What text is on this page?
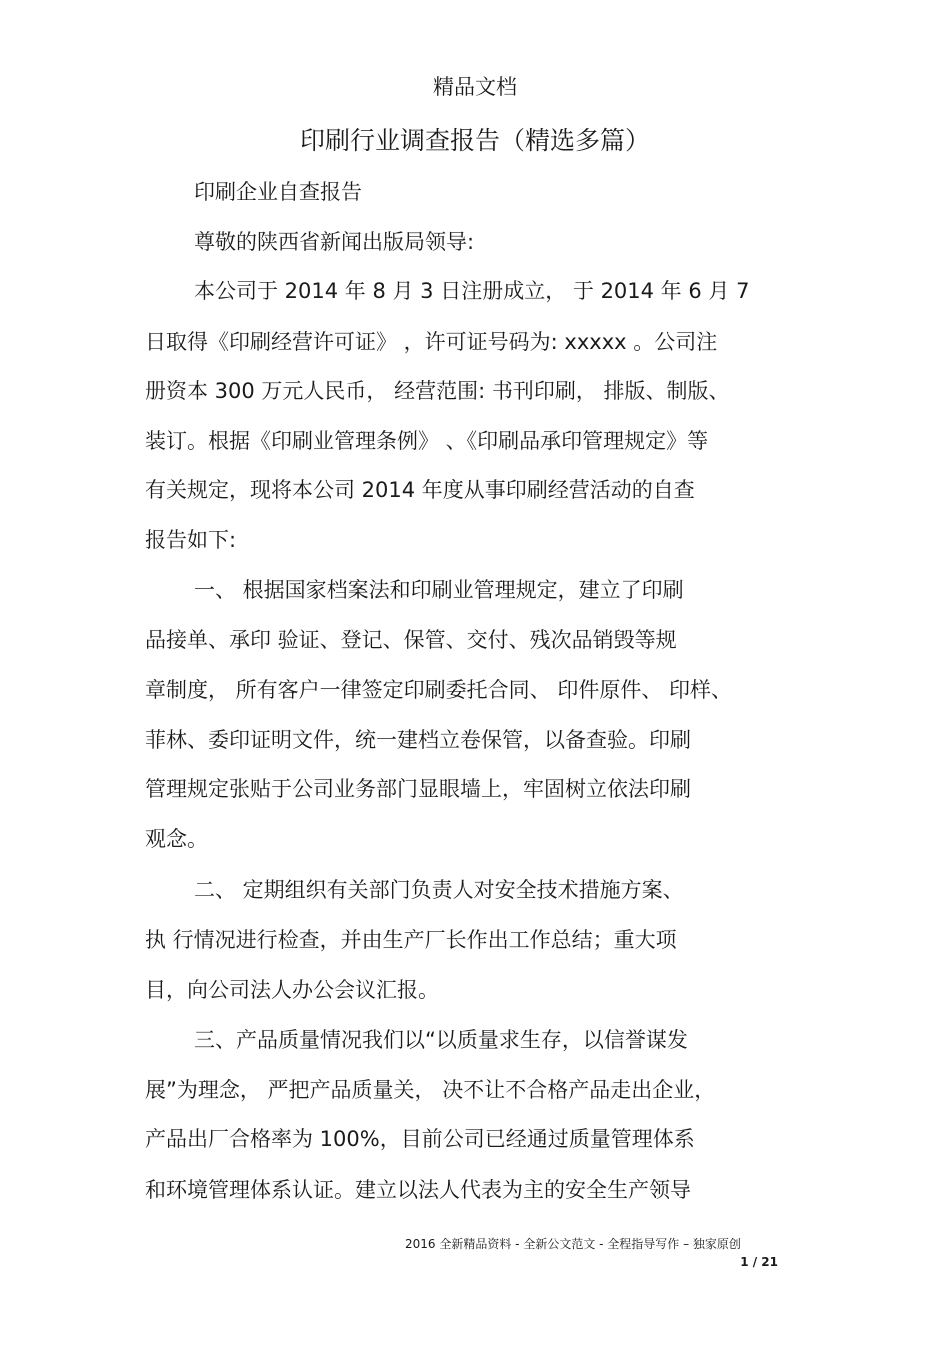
精品文档
印刷行业调查报告（精选多篇）
印刷企业自查报告
尊敬的陕西省新闻出版局领导:
本公司于 2014 年 8 月 3 日注册成立， 于 2014 年 6 月 7
日取得《印刷经营许可证》 ，许可证号码为: xxxxx 。公司注
册资本 300 万元人民币， 经营范围: 书刊印刷， 排版、制版、
装订。根据《印刷业管理条例》 、《印刷品承印管理规定》等
有关规定，现将本公司 2014 年度从事印刷经营活动的自查
报告如下:
一、 根据国家档案法和印刷业管理规定，建立了印刷
品接单、承印 验证、登记、保管、交付、残次品销毁等规
章制度， 所有客户一律签定印刷委托合同、 印件原件、 印样、
菲林、委印证明文件，统一建档立卷保管，以备查验。印刷
管理规定张贴于公司业务部门显眼墙上，牢固树立依法印刷
观念。
二、 定期组织有关部门负责人对安全技术措施方案、
执 行情况进行检查，并由生产厂长作出工作总结；重大项
目，向公司法人办公会议汇报。
三、产品质量情况我们以“以质量求生存，以信誉谋发
展”为理念， 严把产品质量关， 决不让不合格产品走出企业，
产品出厂合格率为 100%，目前公司已经通过质量管理体系
和环境管理体系认证。建立以法人代表为主的安全生产领导
2016 全新精品资料 - 全新公文范文 - 全程指导写作 – 独家原创
1 / 21
